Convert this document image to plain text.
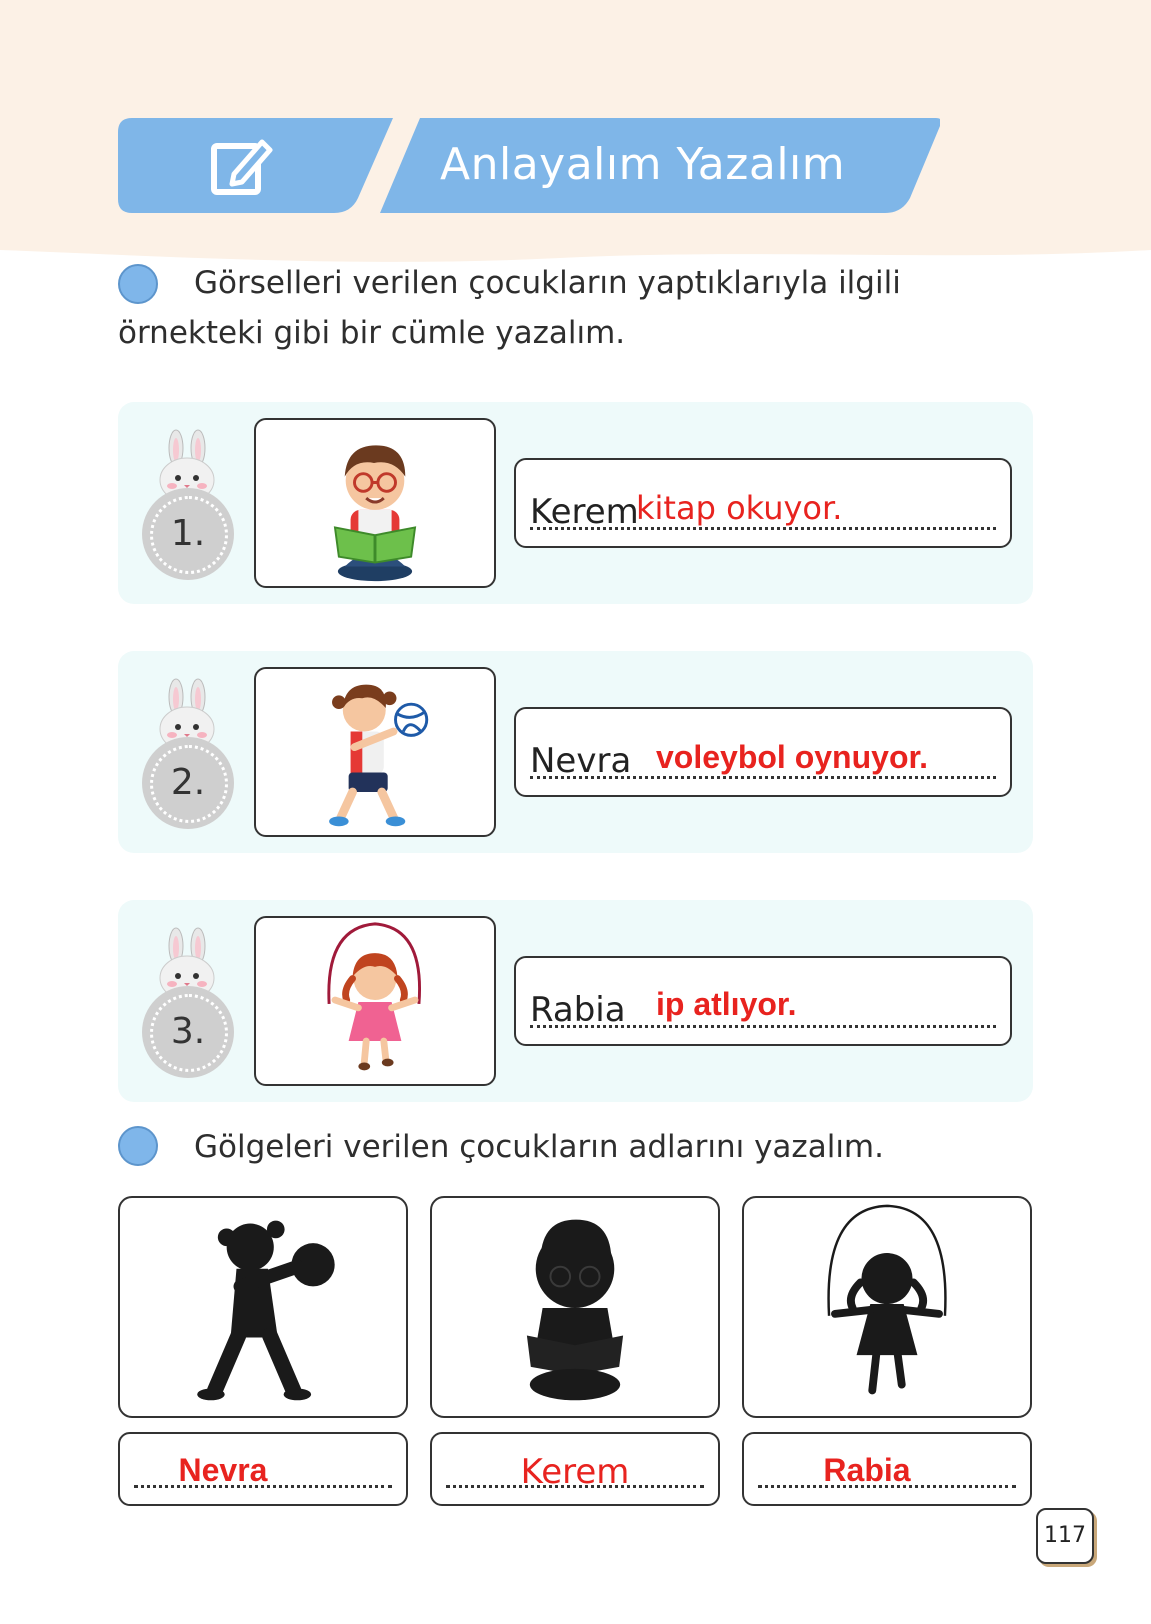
Anlayalım Yazalım
Görselleri verilen çocukların yaptıklarıyla ilgili örnekteki gibi bir cümle yazalım.
1.
Kerem
kitap okuyor.
2.
Nevra voleybol oynuyor.
3.
Rabia ip atlıyor.
Gölgeleri verilen çocukların adlarını yazalım.
Nevra	Kerem	Rabia
117
